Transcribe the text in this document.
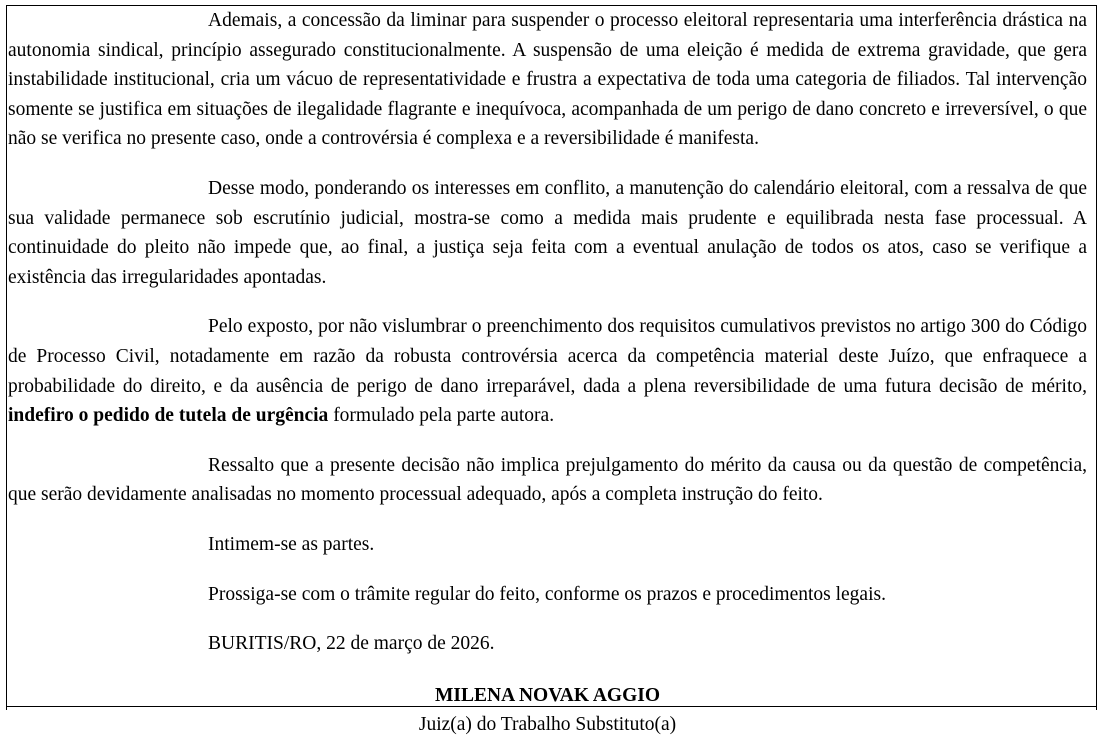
Ademais, a concessão da liminar para suspender o processo eleitoral representaria uma interferência drástica na autonomia sindical, princípio assegurado constitucionalmente. A suspensão de uma eleição é medida de extrema gravidade, que gera instabilidade institucional, cria um vácuo de representatividade e frustra a expectativa de toda uma categoria de filiados. Tal intervenção somente se justifica em situações de ilegalidade flagrante e inequívoca, acompanhada de um perigo de dano concreto e irreversível, o que não se verifica no presente caso, onde a controvérsia é complexa e a reversibilidade é manifesta.

Desse modo, ponderando os interesses em conflito, a manutenção do calendário eleitoral, com a ressalva de que sua validade permanece sob escrutínio judicial, mostra-se como a medida mais prudente e equilibrada nesta fase processual. A continuidade do pleito não impede que, ao final, a justiça seja feita com a eventual anulação de todos os atos, caso se verifique a existência das irregularidades apontadas.

Pelo exposto, por não vislumbrar o preenchimento dos requisitos cumulativos previstos no artigo 300 do Código de Processo Civil, notadamente em razão da robusta controvérsia acerca da competência material deste Juízo, que enfraquece a probabilidade do direito, e da ausência de perigo de dano irreparável, dada a plena reversibilidade de uma futura decisão de mérito, indefiro o pedido de tutela de urgência formulado pela parte autora.

Ressalto que a presente decisão não implica prejulgamento do mérito da causa ou da questão de competência, que serão devidamente analisadas no momento processual adequado, após a completa instrução do feito.

Intimem-se as partes.

Prossiga-se com o trâmite regular do feito, conforme os prazos e procedimentos legais.

BURITIS/RO, 22 de março de 2026.

MILENA NOVAK AGGIO
Juiz(a) do Trabalho Substituto(a)
